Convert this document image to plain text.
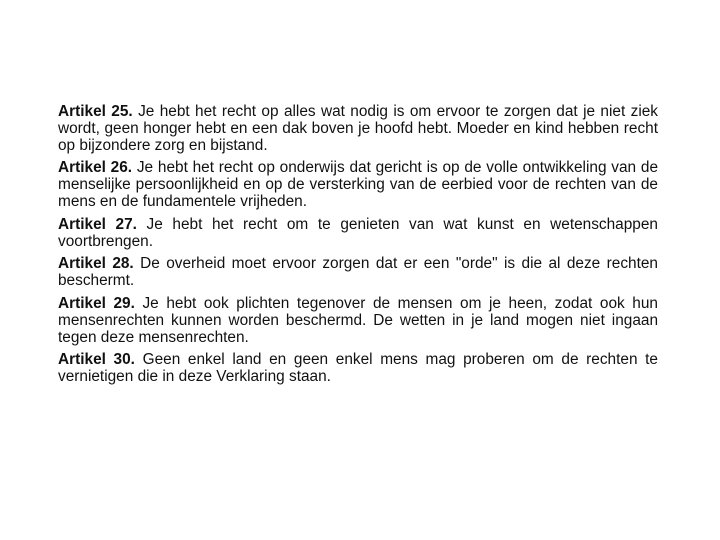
Artikel 25. Je hebt het recht op alles wat nodig is om ervoor te zorgen dat je niet ziek wordt, geen honger hebt en een dak boven je hoofd hebt. Moeder en kind hebben recht op bijzondere zorg en bijstand.

Artikel 26. Je hebt het recht op onderwijs dat gericht is op de volle ontwikkeling van de menselijke persoonlijkheid en op de versterking van de eerbied voor de rechten van de mens en de fundamentele vrijheden.

Artikel 27. Je hebt het recht om te genieten van wat kunst en wetenschappen voortbrengen.

Artikel 28. De overheid moet ervoor zorgen dat er een "orde" is die al deze rechten beschermt.

Artikel 29. Je hebt ook plichten tegenover de mensen om je heen, zodat ook hun mensenrechten kunnen worden beschermd. De wetten in je land mogen niet ingaan tegen deze mensenrechten.

Artikel 30. Geen enkel land en geen enkel mens mag proberen om de rechten te vernietigen die in deze Verklaring staan.
